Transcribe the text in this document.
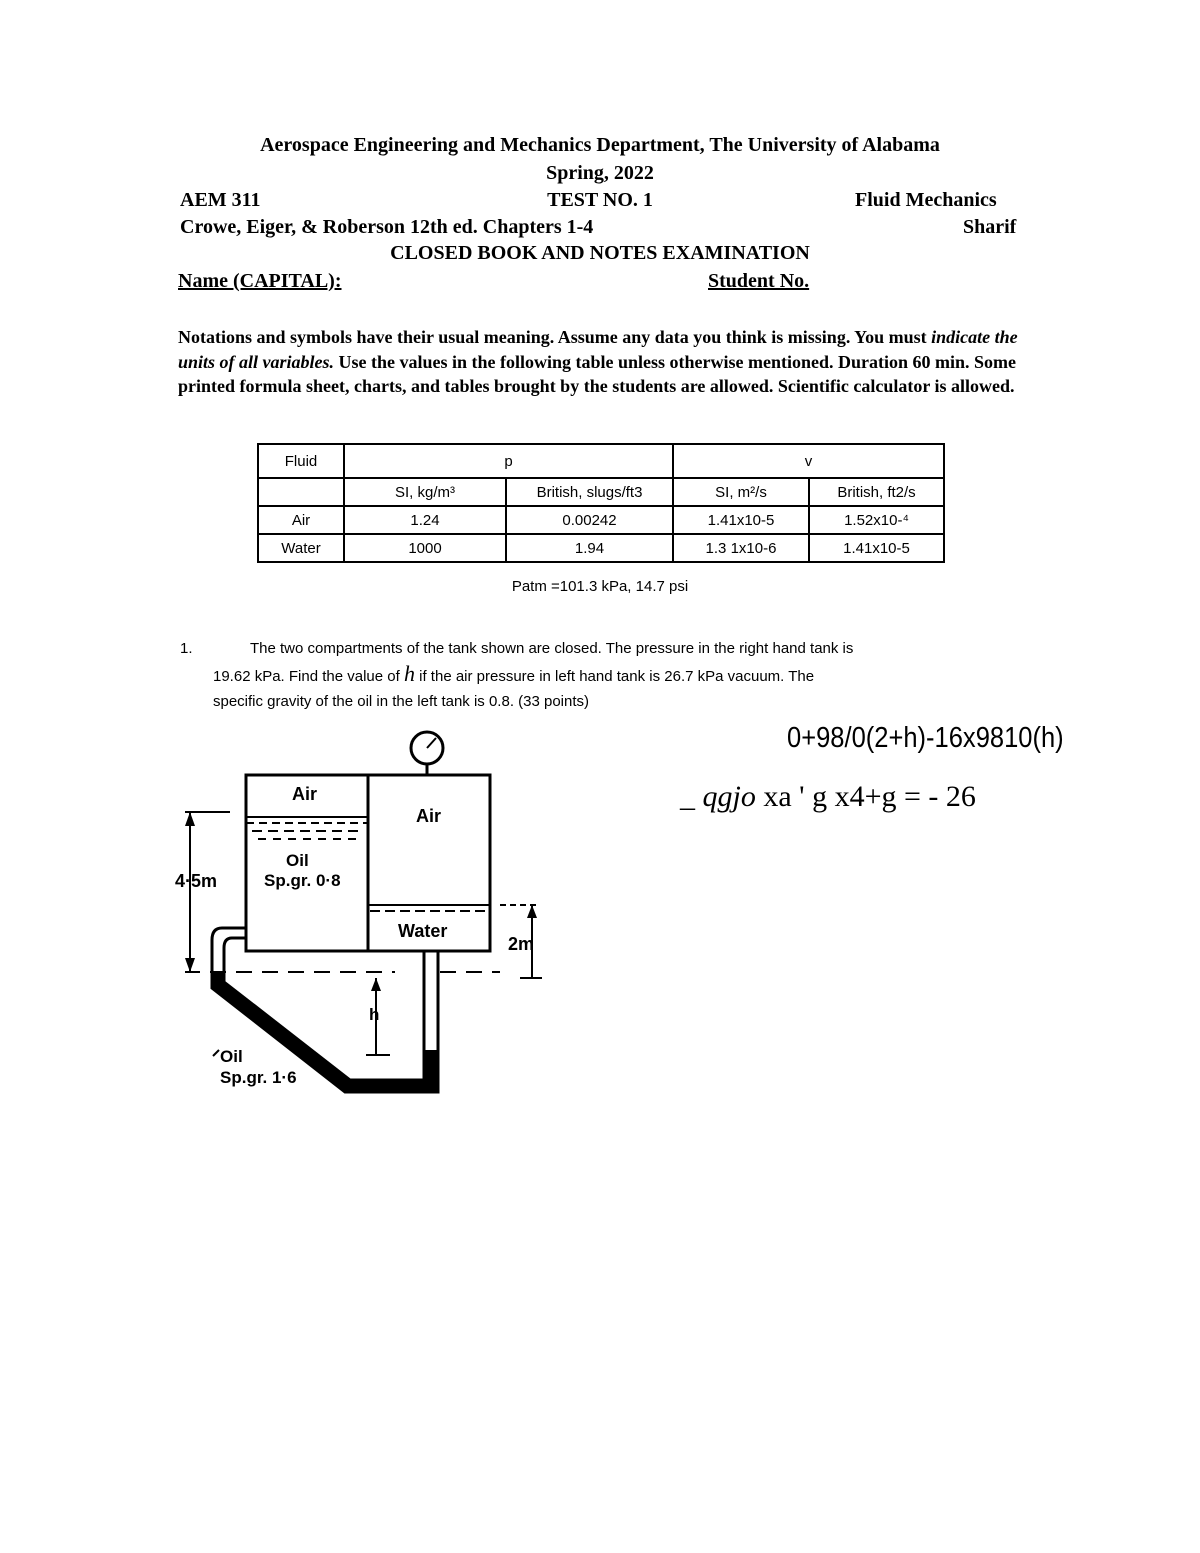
Aerospace Engineering and Mechanics Department, The University of Alabama
Spring, 2022
AEM 311	TEST NO. 1	Fluid Mechanics
Crowe, Eiger, & Roberson 12th ed. Chapters 1-4	Sharif
CLOSED BOOK AND NOTES EXAMINATION
Name (CAPITAL):	Student No.
Notations and symbols have their usual meaning. Assume any data you think is missing. You must indicate the units of all variables. Use the values in the following table unless otherwise mentioned. Duration 60 min. Some printed formula sheet, charts, and tables brought by the students are allowed. Scientific calculator is allowed.
Fluid	p		v	
	SI, kg/m³	British, slugs/ft3	SI, m²/s	British, ft2/s
Air	1.24	0.00242	1.41x10-5	1.52x10-⁴
Water	1000	1.94	1.3 1x10-6	1.41x10-5
Patm =101.3 kPa, 14.7 psi
1.	The two compartments of the tank shown are closed. The pressure in the right hand tank is
19.62 kPa. Find the value of h if the air pressure in left hand tank is 26.7 kPa vacuum. The
specific gravity of the oil in the left tank is 0.8. (33 points)
0+98/0(2+h)-16x9810(h)
_ qgjo xa ' g x4+g = - 26
Air
Air
Oil
Sp.gr. 0·8
Water
4·5m
2m
h
Oil
Sp.gr. 1·6
